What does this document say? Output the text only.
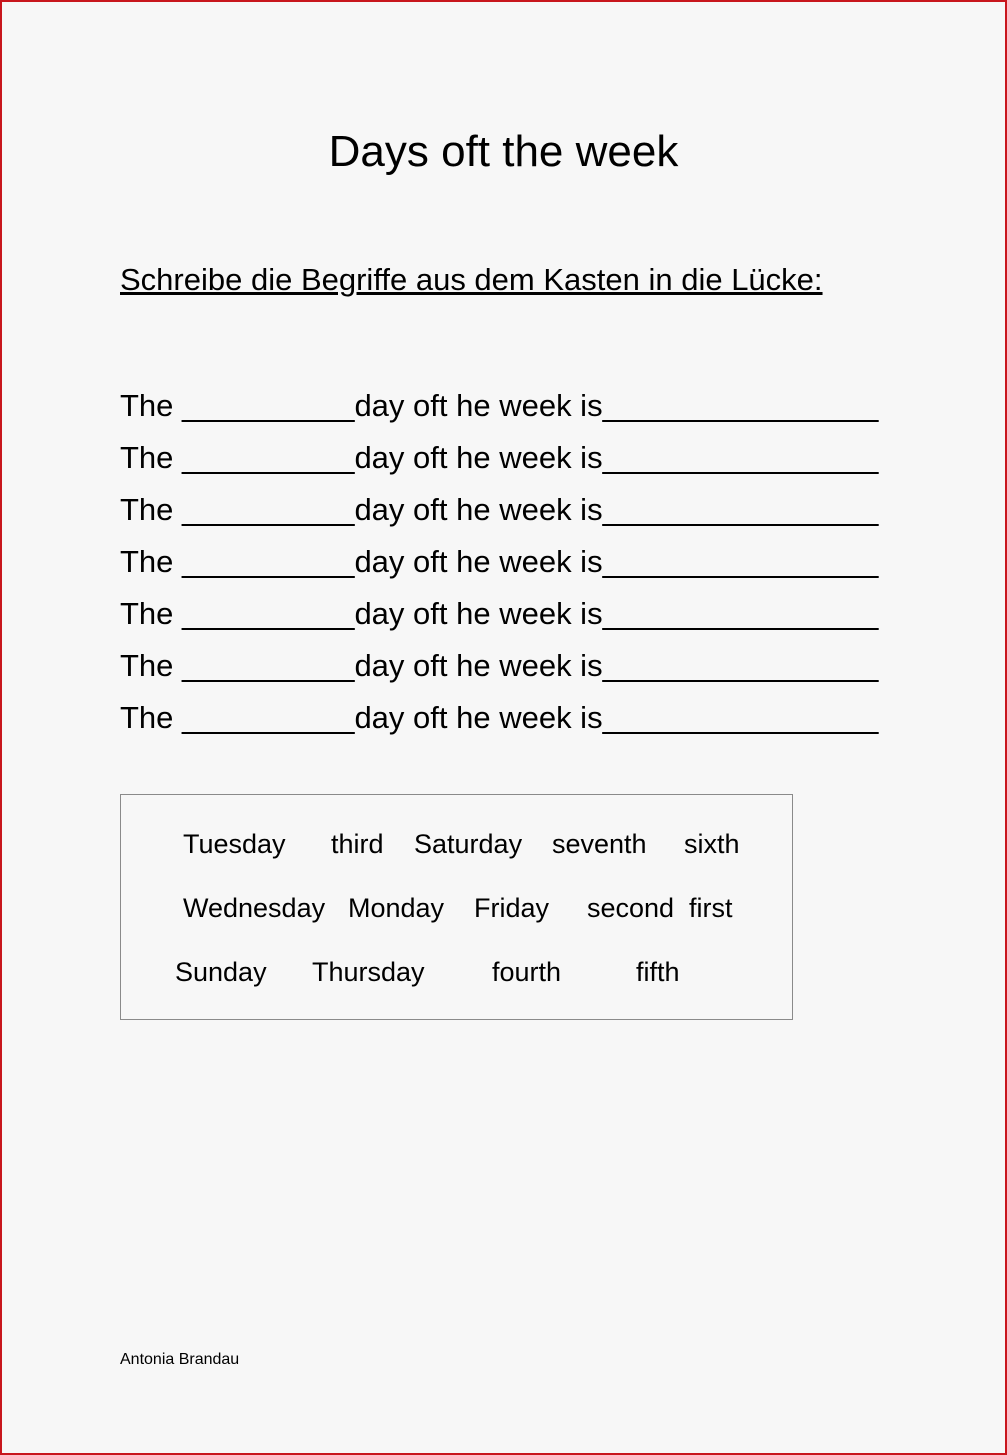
Days oft the week
Schreibe die Begriffe aus dem Kasten in die Lücke:
The __________day oft he week is________________
The __________day oft he week is________________
The __________day oft he week is________________
The __________day oft he week is________________
The __________day oft he week is________________
The __________day oft he week is________________
The __________day oft he week is________________
Tuesday third Saturday seventh sixth
Wednesday Monday Friday second first
Sunday Thursday fourth	fifth
Antonia Brandau
